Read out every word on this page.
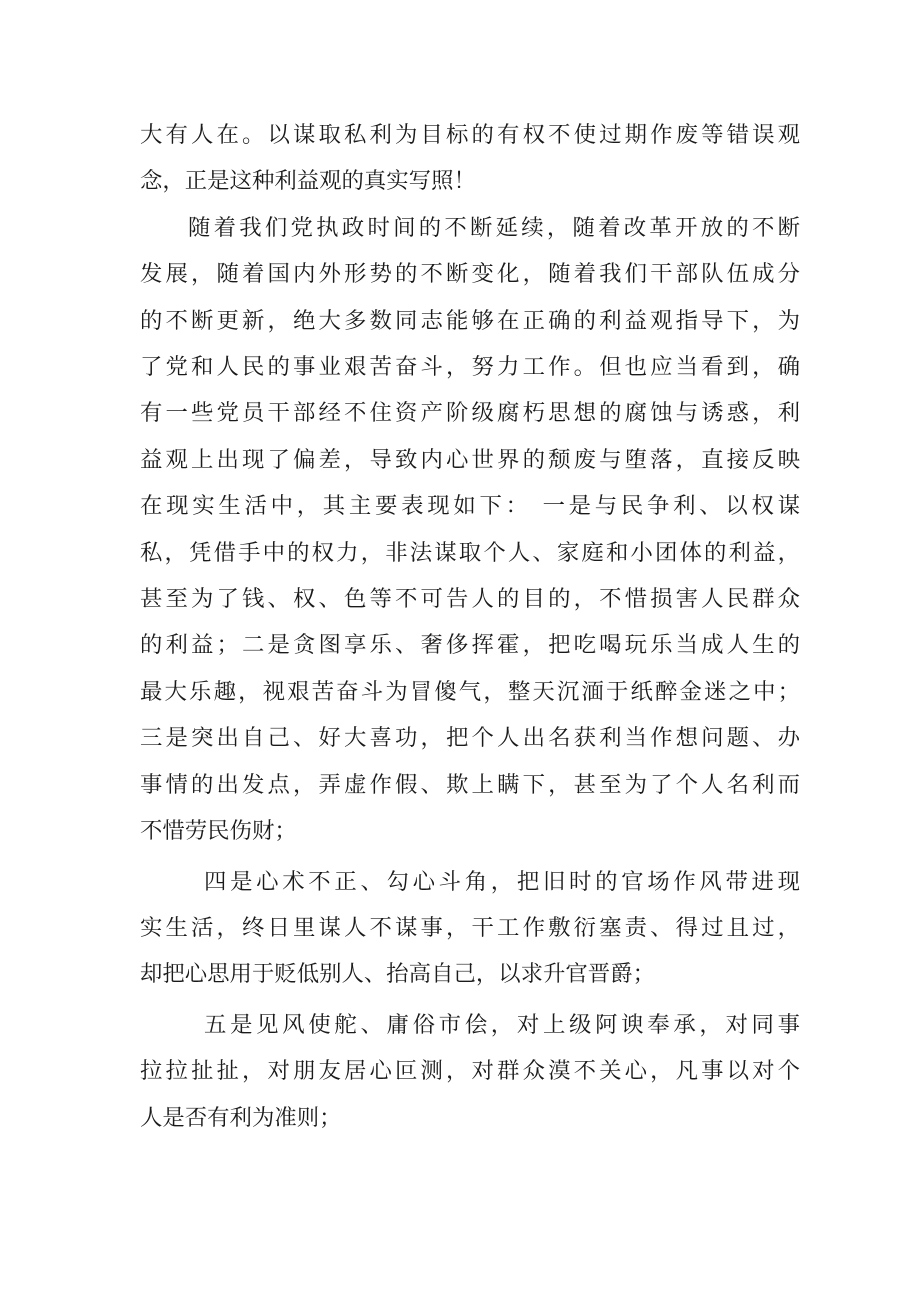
大有人在。以谋取私利为目标的有权不使过期作废等错误观
念，正是这种利益观的真实写照！

随着我们党执政时间的不断延续，随着改革开放的不断
发展，随着国内外形势的不断变化，随着我们干部队伍成分
的不断更新，绝大多数同志能够在正确的利益观指导下，为
了党和人民的事业艰苦奋斗，努力工作。但也应当看到，确
有一些党员干部经不住资产阶级腐朽思想的腐蚀与诱惑，利
益观上出现了偏差，导致内心世界的颓废与堕落，直接反映
在现实生活中，其主要表现如下： 一是与民争利、以权谋
私，凭借手中的权力，非法谋取个人、家庭和小团体的利益，
甚至为了钱、权、色等不可告人的目的，不惜损害人民群众
的利益；二是贪图享乐、奢侈挥霍，把吃喝玩乐当成人生的
最大乐趣，视艰苦奋斗为冒傻气，整天沉湎于纸醉金迷之中；
三是突出自己、好大喜功，把个人出名获利当作想问题、办
事情的出发点，弄虚作假、欺上瞒下，甚至为了个人名利而
不惜劳民伤财；

四是心术不正、勾心斗角，把旧时的官场作风带进现
实生活，终日里谋人不谋事，干工作敷衍塞责、得过且过，
却把心思用于贬低别人、抬高自己，以求升官晋爵；

五是见风使舵、庸俗市侩，对上级阿谀奉承，对同事
拉拉扯扯，对朋友居心叵测，对群众漠不关心，凡事以对个
人是否有利为准则；
